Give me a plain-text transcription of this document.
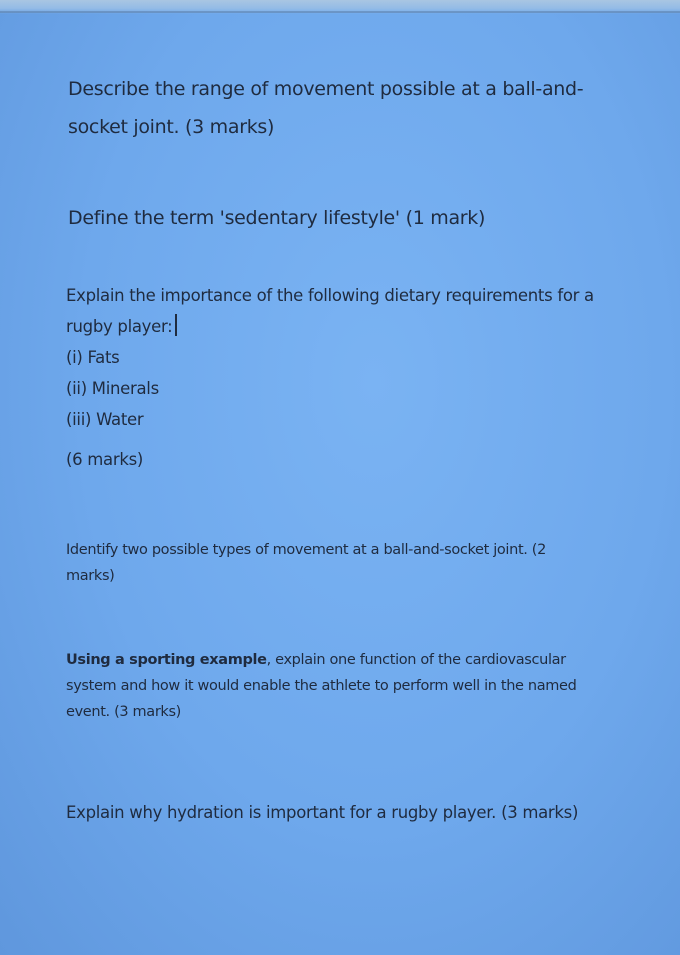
Describe the range of movement possible at a ball-and-
socket joint. (3 marks)
Define the term 'sedentary lifestyle' (1 mark)
Explain the importance of the following dietary requirements for a
rugby player:
(i) Fats
(ii) Minerals
(iii) Water
(6 marks)
Identify two possible types of movement at a ball-and-socket joint. (2
marks)
Using a sporting example, explain one function of the cardiovascular
system and how it would enable the athlete to perform well in the named
event. (3 marks)
Explain why hydration is important for a rugby player. (3 marks)
